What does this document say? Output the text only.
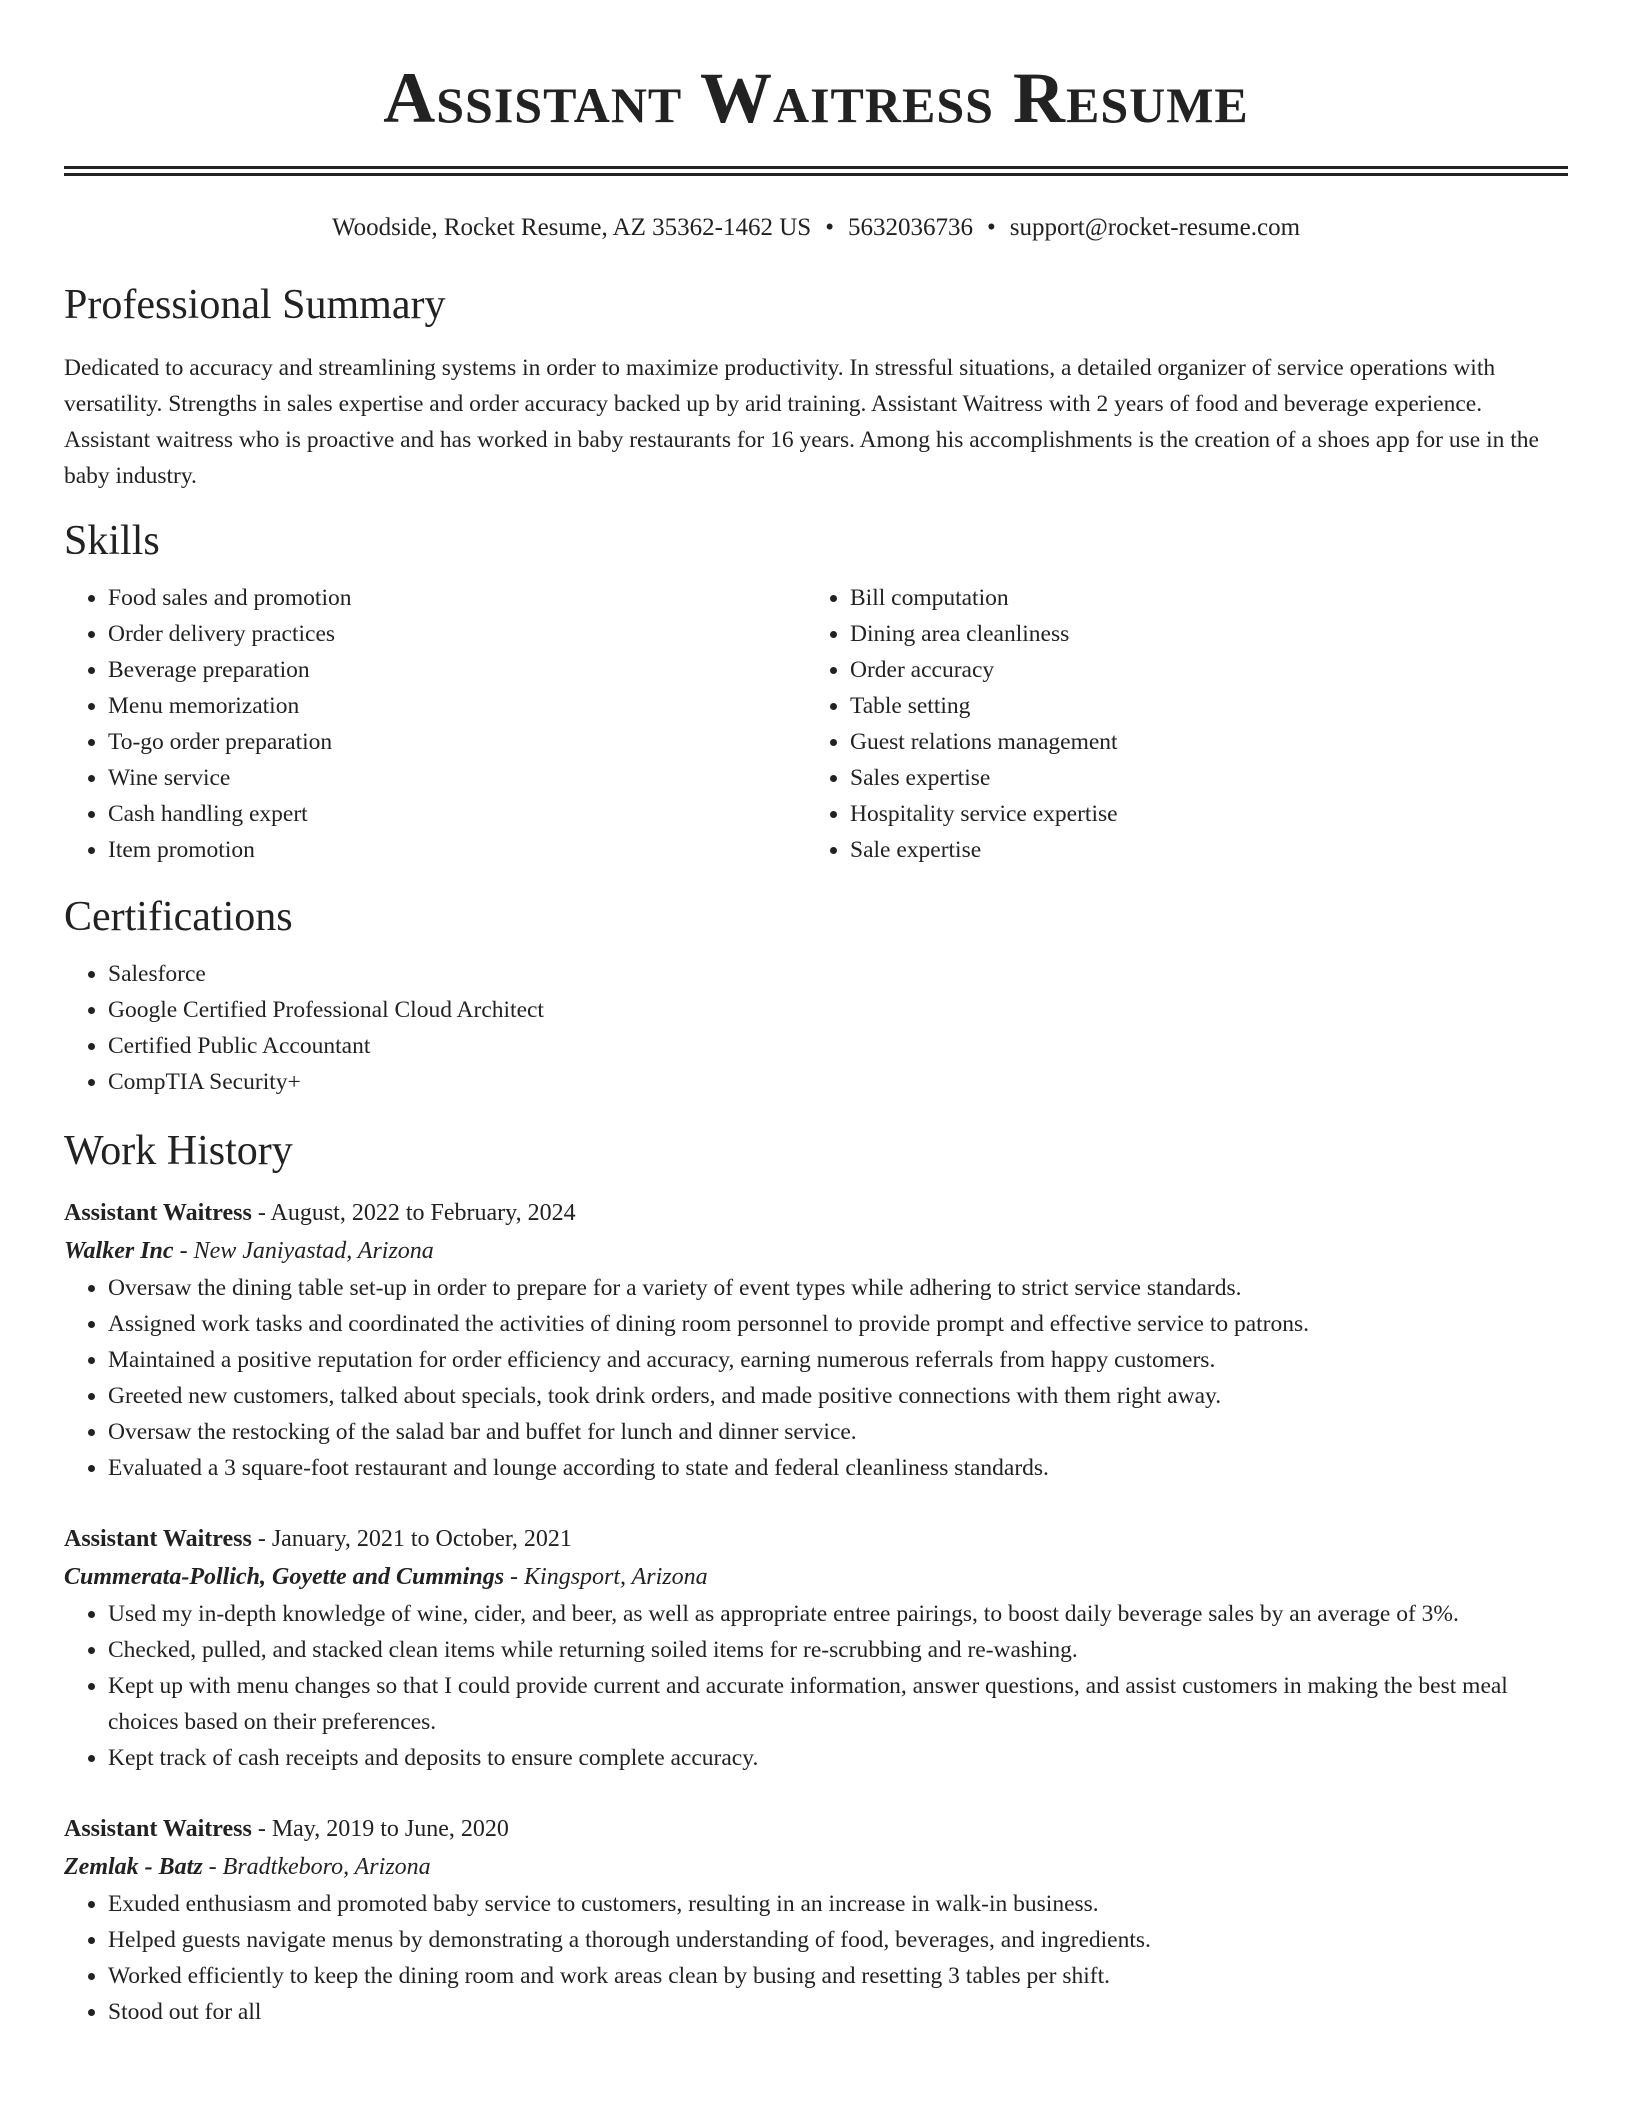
Assistant Waitress Resume
Woodside, Rocket Resume, AZ 35362-1462 US • 5632036736 • support@rocket-resume.com
Professional Summary

Dedicated to accuracy and streamlining systems in order to maximize productivity. In stressful situations, a detailed organizer of service operations with versatility. Strengths in sales expertise and order accuracy backed up by arid training. Assistant Waitress with 2 years of food and beverage experience. Assistant waitress who is proactive and has worked in baby restaurants for 16 years. Among his accomplishments is the creation of a shoes app for use in the baby industry.

Skills
• Food sales and promotion
• Order delivery practices
• Beverage preparation
• Menu memorization
• To-go order preparation
• Wine service
• Cash handling expert
• Item promotion
• Bill computation
• Dining area cleanliness
• Order accuracy
• Table setting
• Guest relations management
• Sales expertise
• Hospitality service expertise
• Sale expertise
Certifications
• Salesforce
• Google Certified Professional Cloud Architect
• Certified Public Accountant
• CompTIA Security+
Work History
Assistant Waitress - August, 2022 to February, 2024
Walker Inc - New Janiyastad, Arizona
• Oversaw the dining table set-up in order to prepare for a variety of event types while adhering to strict service standards.
• Assigned work tasks and coordinated the activities of dining room personnel to provide prompt and effective service to patrons.
• Maintained a positive reputation for order efficiency and accuracy, earning numerous referrals from happy customers.
• Greeted new customers, talked about specials, took drink orders, and made positive connections with them right away.
• Oversaw the restocking of the salad bar and buffet for lunch and dinner service.
• Evaluated a 3 square-foot restaurant and lounge according to state and federal cleanliness standards.
Assistant Waitress - January, 2021 to October, 2021
Cummerata-Pollich, Goyette and Cummings - Kingsport, Arizona
• Used my in-depth knowledge of wine, cider, and beer, as well as appropriate entree pairings, to boost daily beverage sales by an average of 3%.
• Checked, pulled, and stacked clean items while returning soiled items for re-scrubbing and re-washing.
• Kept up with menu changes so that I could provide current and accurate information, answer questions, and assist customers in making the best meal choices based on their preferences.
• Kept track of cash receipts and deposits to ensure complete accuracy.
Assistant Waitress - May, 2019 to June, 2020
Zemlak - Batz - Bradtkeboro, Arizona
• Exuded enthusiasm and promoted baby service to customers, resulting in an increase in walk-in business.
• Helped guests navigate menus by demonstrating a thorough understanding of food, beverages, and ingredients.
• Worked efficiently to keep the dining room and work areas clean by busing and resetting 3 tables per shift.
• Stood out for all
